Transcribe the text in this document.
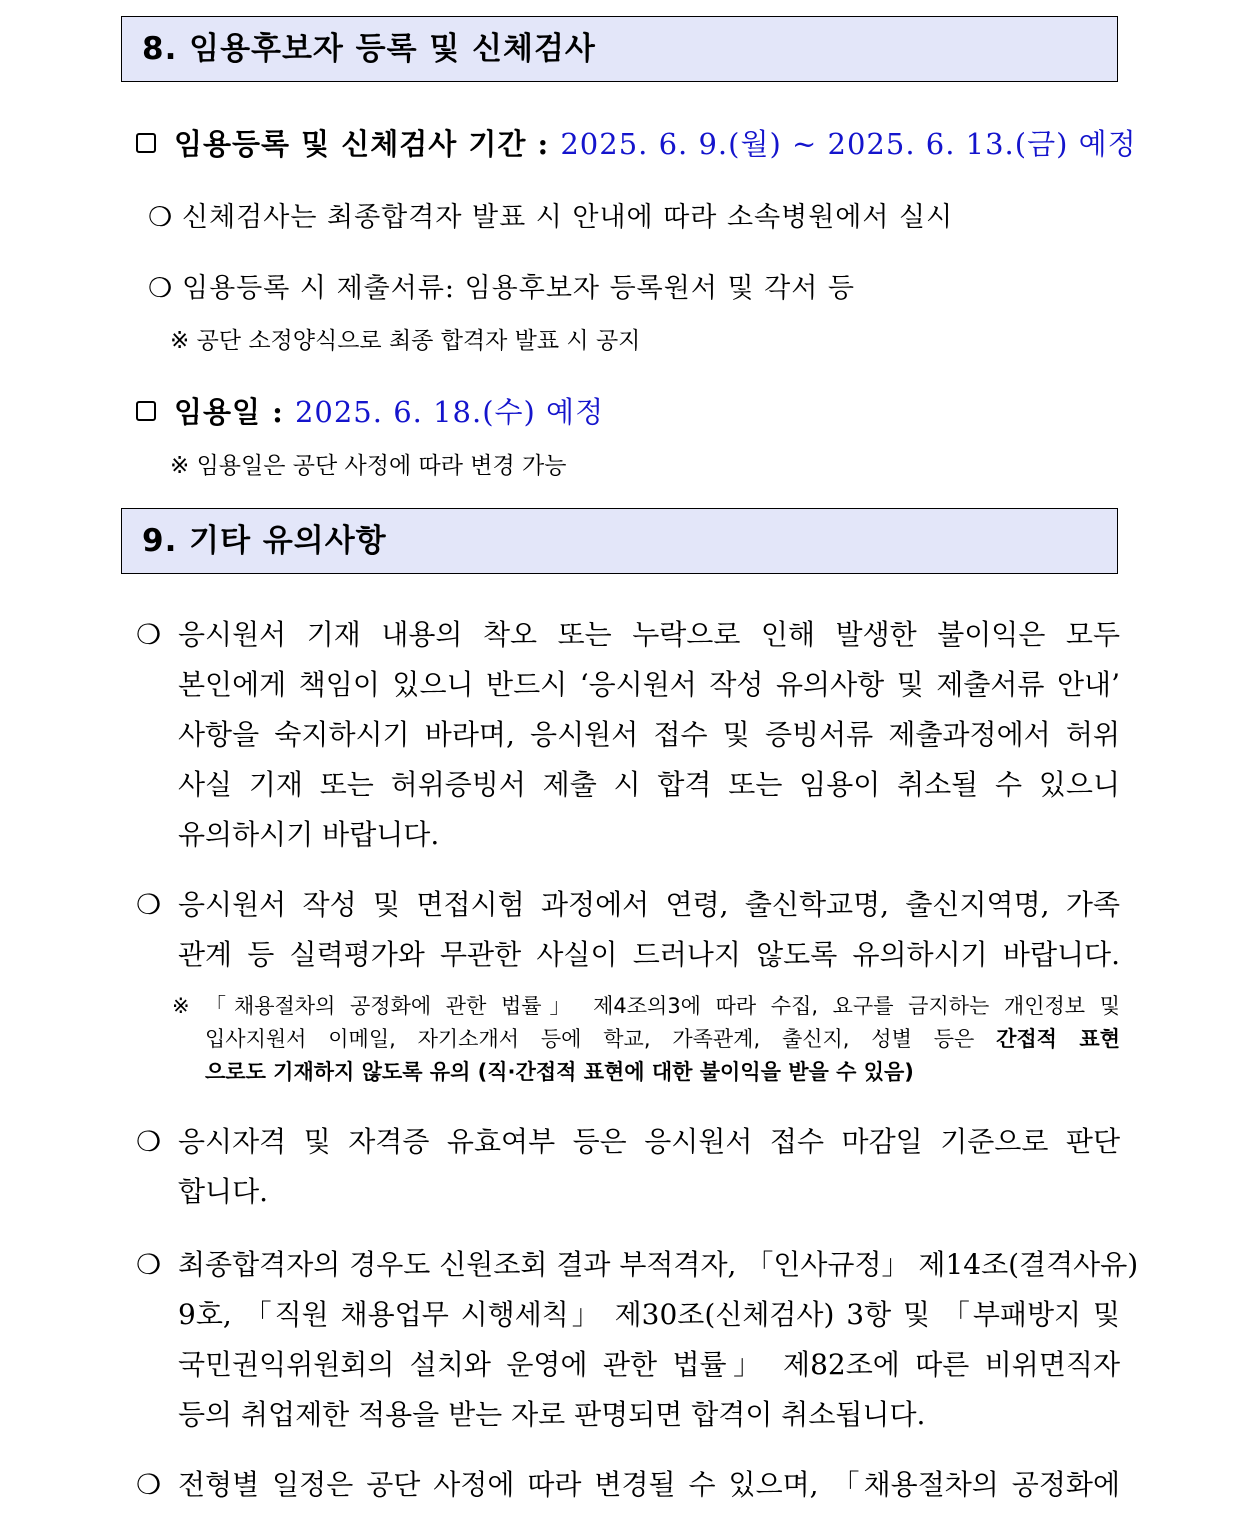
8. 임용후보자 등록 및 신체검사
임용등록 및 신체검사 기간 : 2025. 6. 9.(월) ~ 2025. 6. 13.(금) 예정
❍ 신체검사는 최종합격자 발표 시 안내에 따라 소속병원에서 실시
❍ 임용등록 시 제출서류: 임용후보자 등록원서 및 각서 등
※ 공단 소정양식으로 최종 합격자 발표 시 공지
임용일 : 2025. 6. 18.(수) 예정
※ 임용일은 공단 사정에 따라 변경 가능
9. 기타 유의사항
❍ 응시원서 기재 내용의 착오 또는 누락으로 인해 발생한 불이익은 모두
본인에게 책임이 있으니 반드시 ‘응시원서 작성 유의사항 및 제출서류 안내’
사항을 숙지하시기 바라며, 응시원서 접수 및 증빙서류 제출과정에서 허위
사실 기재 또는 허위증빙서 제출 시 합격 또는 임용이 취소될 수 있으니
유의하시기 바랍니다.
❍ 응시원서 작성 및 면접시험 과정에서 연령, 출신학교명, 출신지역명, 가족
관계 등 실력평가와 무관한 사실이 드러나지 않도록 유의하시기 바랍니다.
※ 「채용절차의 공정화에 관한 법률」 제4조의3에 따라 수집, 요구를 금지하는 개인정보 및
입사지원서 이메일, 자기소개서 등에 학교, 가족관계, 출신지, 성별 등은 간접적 표현
으로도 기재하지 않도록 유의 (직·간접적 표현에 대한 불이익을 받을 수 있음)
❍ 응시자격 및 자격증 유효여부 등은 응시원서 접수 마감일 기준으로 판단
합니다.
❍ 최종합격자의 경우도 신원조회 결과 부적격자, 「인사규정」 제14조(결격사유)
9호, 「직원 채용업무 시행세칙」 제30조(신체검사) 3항 및 「부패방지 및
국민권익위원회의 설치와 운영에 관한 법률」 제82조에 따른 비위면직자
등의 취업제한 적용을 받는 자로 판명되면 합격이 취소됩니다.
❍ 전형별 일정은 공단 사정에 따라 변경될 수 있으며, 「채용절차의 공정화에
